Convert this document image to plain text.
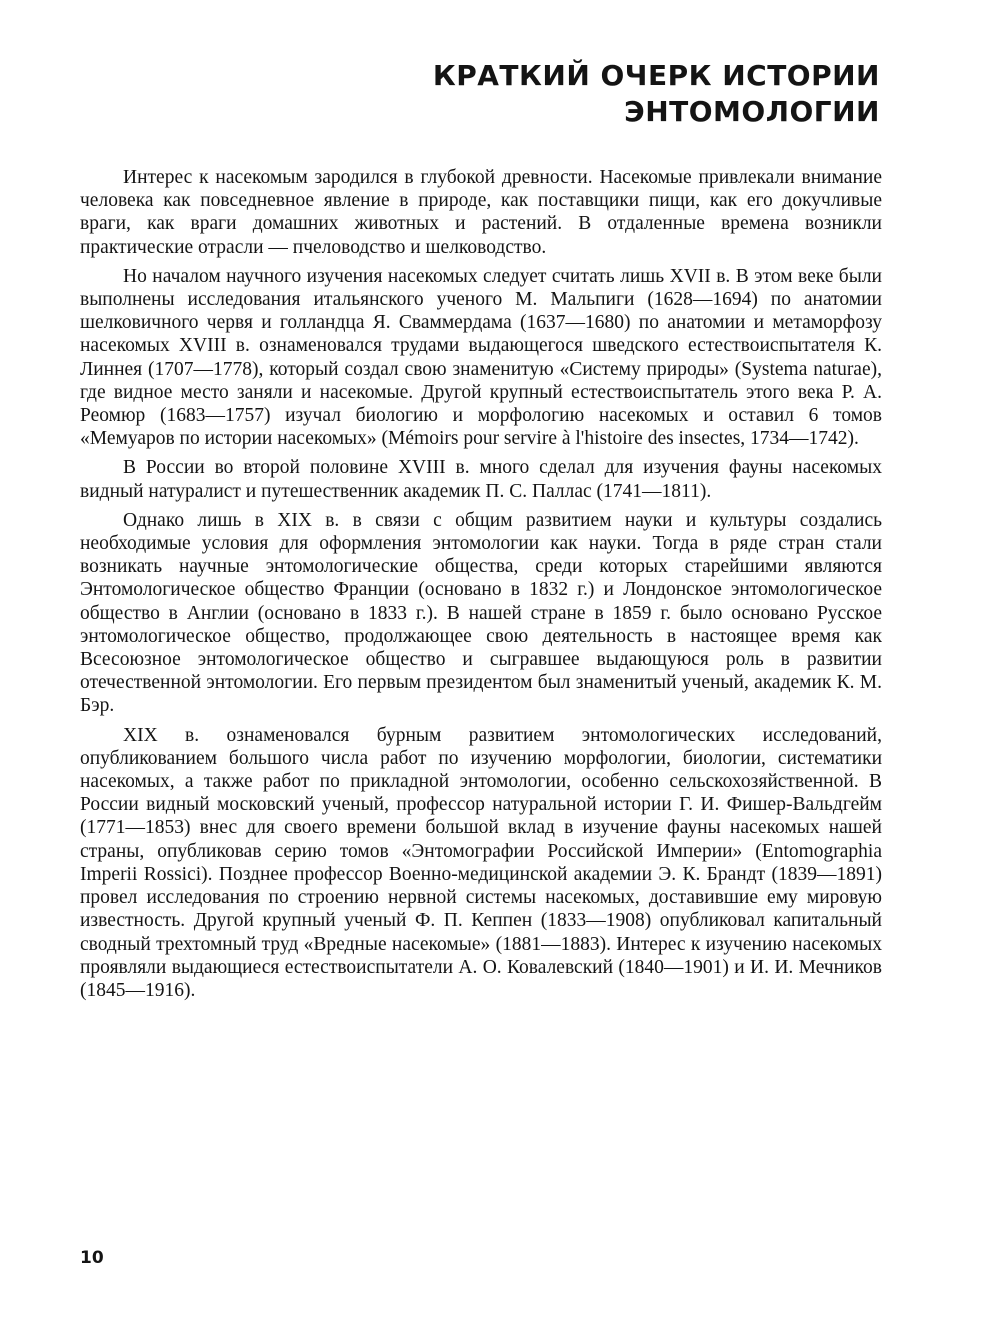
КРАТКИЙ ОЧЕРК ИСТОРИИ
ЭНТОМОЛОГИИ

Интерес к насекомым зародился в глубокой древности. Насекомые привлекали внимание человека как повседневное явление в природе, как поставщики пищи, как его докучливые враги, как враги домашних животных и растений. В отдаленные времена возникли практические отрасли — пчеловодство и шелководство.

Но началом научного изучения насекомых следует считать лишь XVII в. В этом веке были выполнены исследования итальянского ученого М. Мальпиги (1628—1694) по анатомии шелковичного червя и голландца Я. Сваммердама (1637—1680) по анатомии и метаморфозу насекомых XVIII в. ознаменовался трудами выдающегося шведского естествоиспытателя К. Линнея (1707—1778), который создал свою знаменитую «Систему природы» (Systema naturae), где видное место заняли и насекомые. Другой крупный естествоиспытатель этого века Р. А. Реомюр (1683—1757) изучал биологию и морфологию насекомых и оставил 6 томов «Мемуаров по истории насекомых» (Mémoirs pour servire à l'histoire des insectes, 1734—1742).

В России во второй половине XVIII в. много сделал для изучения фауны насекомых видный натуралист и путешественник академик П. С. Паллас (1741—1811).

Однако лишь в XIX в. в связи с общим развитием науки и культуры создались необходимые условия для оформления энтомологии как науки. Тогда в ряде стран стали возникать научные энтомологические общества, среди которых старейшими являются Энтомологическое общество Франции (основано в 1832 г.) и Лондонское энтомологическое общество в Англии (основано в 1833 г.). В нашей стране в 1859 г. было основано Русское энтомологическое общество, продолжающее свою деятельность в настоящее время как Всесоюзное энтомологическое общество и сыгравшее выдающуюся роль в развитии отечественной энтомологии. Его первым президентом был знаменитый ученый, академик К. М. Бэр.

XIX в. ознаменовался бурным развитием энтомологических исследований, опубликованием большого числа работ по изучению морфологии, биологии, систематики насекомых, а также работ по прикладной энтомологии, особенно сельскохозяйственной. В России видный московский ученый, профессор натуральной истории Г. И. Фишер-Вальдгейм (1771—1853) внес для своего времени большой вклад в изучение фауны насекомых нашей страны, опубликовав серию томов «Энтомографии Российской Империи» (Entomographia Imperii Rossici). Позднее профессор Военно-медицинской академии Э. К. Брандт (1839—1891) провел исследования по строению нервной системы насекомых, доставившие ему мировую известность. Другой крупный ученый Ф. П. Кеппен (1833—1908) опубликовал капитальный сводный трехтомный труд «Вредные насекомые» (1881—1883). Интерес к изучению насекомых проявляли выдающиеся естествоиспытатели А. О. Ковалевский (1840—1901) и И. И. Мечников (1845—1916).

10
